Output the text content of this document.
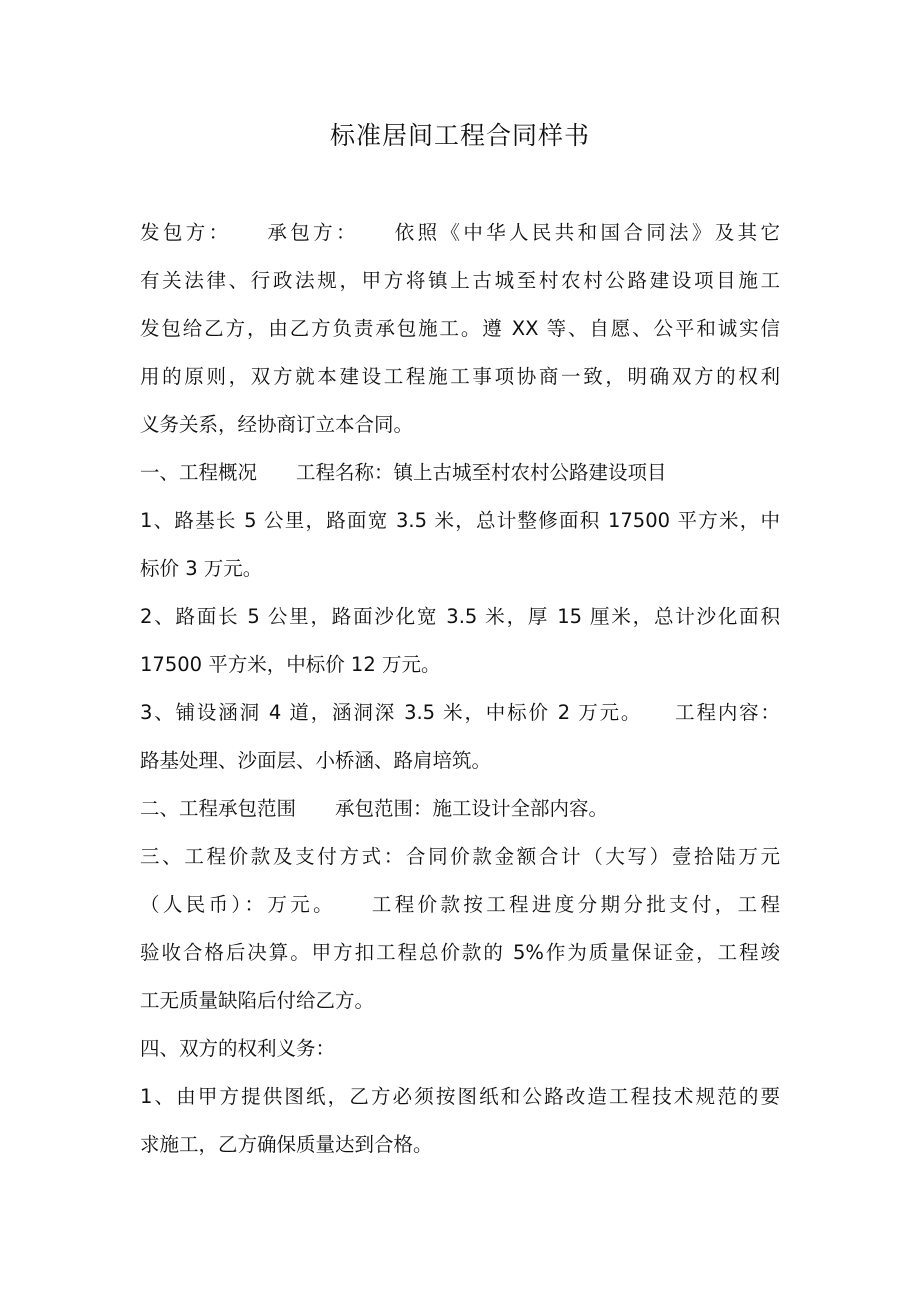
标准居间工程合同样书

发包方：　　承包方：　　依照《中华人民共和国合同法》及其它

有关法律、行政法规，甲方将镇上古城至村农村公路建设项目施工

发包给乙方，由乙方负责承包施工。遵 XX 等、自愿、公平和诚实信

用的原则，双方就本建设工程施工事项协商一致，明确双方的权利

义务关系，经协商订立本合同。

一、工程概况　　工程名称：镇上古城至村农村公路建设项目

1、路基长 5 公里，路面宽 3.5 米，总计整修面积 17500 平方米，中

标价 3 万元。

2、路面长 5 公里，路面沙化宽 3.5 米，厚 15 厘米，总计沙化面积

17500 平方米，中标价 12 万元。

3、铺设涵洞 4 道，涵洞深 3.5 米，中标价 2 万元。　　工程内容：

路基处理、沙面层、小桥涵、路肩培筑。

二、工程承包范围　　承包范围：施工设计全部内容。

三、工程价款及支付方式：合同价款金额合计（大写）壹拾陆万元

（人民币）：万元。　　工程价款按工程进度分期分批支付，工程

验收合格后决算。甲方扣工程总价款的 5%作为质量保证金，工程竣

工无质量缺陷后付给乙方。

四、双方的权利义务：

1、由甲方提供图纸，乙方必须按图纸和公路改造工程技术规范的要

求施工，乙方确保质量达到合格。
